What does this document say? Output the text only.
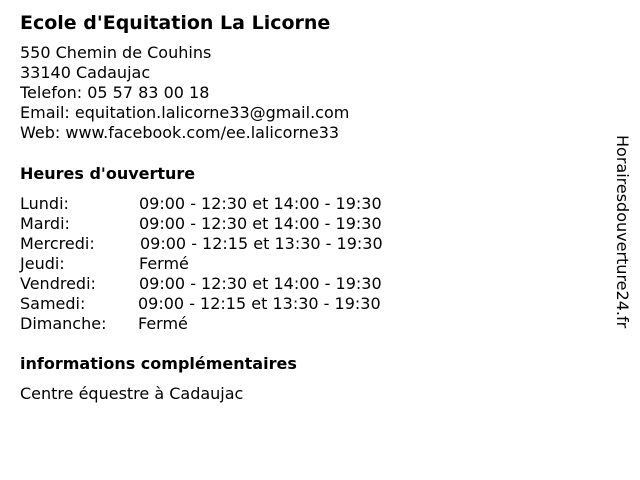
Ecole d'Equitation La Licorne
550 Chemin de Couhins
33140 Cadaujac
Telefon: 05 57 83 00 18
Email: equitation.lalicorne33@gmail.com
Web: www.facebook.com/ee.lalicorne33
Heures d'ouverture
Lundi:	09:00 - 12:30 et 14:00 - 19:30
Mardi:	09:00 - 12:30 et 14:00 - 19:30
Mercredi:	09:00 - 12:15 et 13:30 - 19:30
Jeudi:	Fermé
Vendredi:	09:00 - 12:30 et 14:00 - 19:30
Samedi:	09:00 - 12:15 et 13:30 - 19:30
Dimanche: Fermé
informations complémentaires
Centre équestre à Cadaujac
Horairesdouverture24.fr
